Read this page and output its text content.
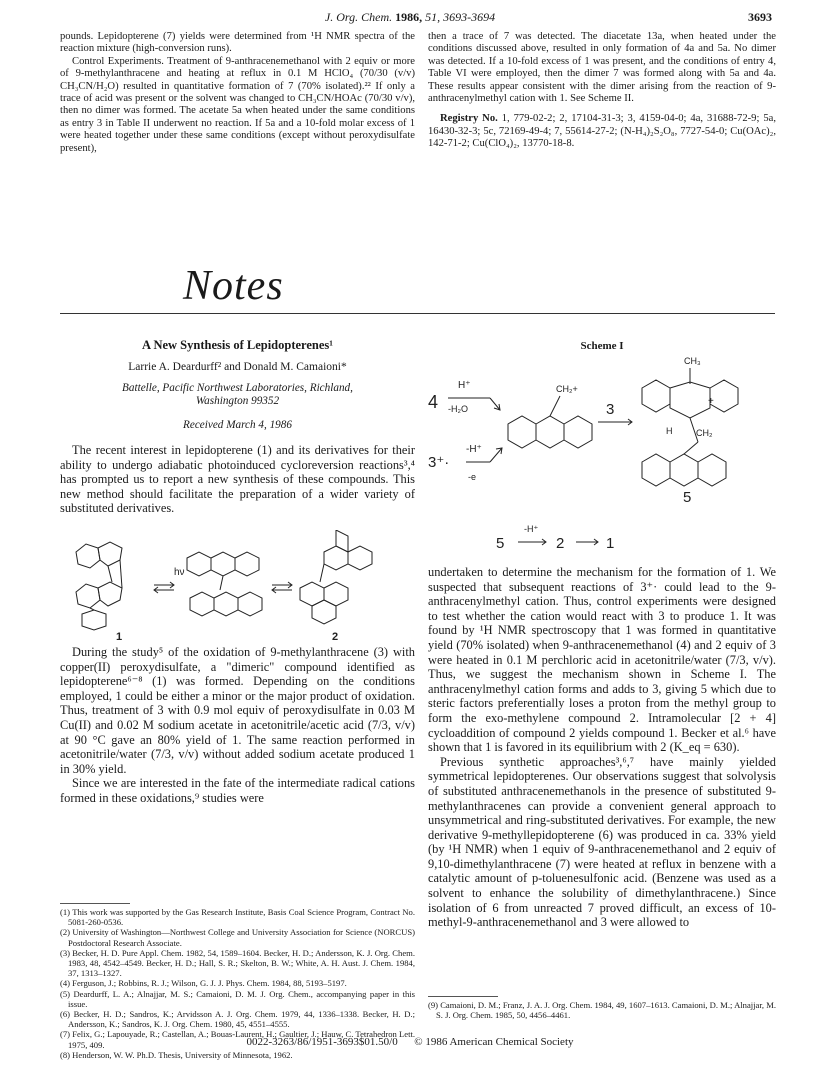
J. Org. Chem. 1986, 51, 3693-3694	3693

pounds. Lepidopterene (7) yields were determined from ¹H NMR spectra of the reaction mixture (high-conversion runs).

Control Experiments. Treatment of 9-anthracenemethanol with 2 equiv or more of 9-methylanthracene and heating at reflux in 0.1 M HClO₄ (70/30 (v/v) CH₃CN/H₂O) resulted in quantitative formation of 7 (70% isolated).²² If only a trace of acid was present or the solvent was changed to CH₃CN/HOAc (70/30 v/v), then no dimer was formed. The acetate 5a when heated under the same conditions as entry 3 in Table II underwent no reaction. If 5a and a 10-fold molar excess of 1 were heated together under these same conditions (except without peroxydisulfate present),

then a trace of 7 was detected. The diacetate 13a, when heated under the conditions discussed above, resulted in only formation of 4a and 5a. No dimer was detected. If a 10-fold excess of 1 was present, and the conditions of entry 4, Table VI were employed, then the dimer 7 was formed along with 5a and 4a. These results appear consistent with the dimer arising from the reaction of 9-anthracenylmethyl cation with 1. See Scheme II.

Registry No. 1, 779-02-2; 2, 17104-31-3; 3, 4159-04-0; 4a, 31688-72-9; 5a, 16430-32-3; 5c, 72169-49-4; 7, 55614-27-2; (N-H₄)₂S₂O₈, 7727-54-0; Cu(OAc)₂, 142-71-2; Cu(ClO₄)₂, 13770-18-8.

Notes
A New Synthesis of Lepidopterenes¹
Larrie A. Deardurff² and Donald M. Camaioni*
Battelle, Pacific Northwest Laboratories, Richland,
Washington 99352
Received March 4, 1986

The recent interest in lepidopterene (1) and its derivatives for their ability to undergo adiabatic photoinduced cycloreversion reactions³,⁴ has prompted us to report a new synthesis of these compounds. This new method should facilitate the preparation of a wider variety of substituted derivatives.

hν
1	2

During the study⁵ of the oxidation of 9-methylanthracene (3) with copper(II) peroxydisulfate, a "dimeric" compound identified as lepidopterene⁶⁻⁸ (1) was formed. Depending on the conditions employed, 1 could be either a minor or the major product of oxidation. Thus, treatment of 3 with 0.9 mol equiv of peroxydisulfate in 0.03 M Cu(II) and 0.02 M sodium acetate in acetonitrile/acetic acid (7/3, v/v) at 90 °C gave an 80% yield of 1. The same reaction performed in acetonitrile/water (7/3, v/v) without added sodium acetate produced 1 in 30% yield.

Since we are interested in the fate of the intermediate radical cations formed in these oxidations,⁹ studies were

(1) This work was supported by the Gas Research Institute, Basis Coal Science Program, Contract No. 5081-260-0536.

(2) University of Washington—Northwest College and University Association for Science (NORCUS) Postdoctoral Research Associate.

(3) Becker, H. D. Pure Appl. Chem. 1982, 54, 1589–1604. Becker, H. D.; Andersson, K. J. Org. Chem. 1983, 48, 4542–4549. Becker, H. D.; Hall, S. R.; Skelton, B. W.; White, A. H. Aust. J. Chem. 1984, 37, 1313–1327.

(4) Ferguson, J.; Robbins, R. J.; Wilson, G. J. J. Phys. Chem. 1984, 88, 5193–5197.

(5) Deardurff, L. A.; Alnajjar, M. S.; Camaioni, D. M. J. Org. Chem., accompanying paper in this issue.

(6) Becker, H. D.; Sandros, K.; Arvidsson A. J. Org. Chem. 1979, 44, 1336–1338. Becker, H. D.; Andersson, K.; Sandros, K. J. Org. Chem. 1980, 45, 4551–4555.

(7) Felix, G.; Lapouyade, R.; Castellan, A.; Bouas-Laurent, H.; Gaultier, J.; Hauw, C. Tetrahedron Lett. 1975, 409.

(8) Henderson, W. W. Ph.D. Thesis, University of Minnesota, 1962.

Scheme I
4
H⁺
-H₂O
3⁺·
-H⁺
-e
CH₂+
3
CH₃
+
H	CH₂
5
5
-H⁺
2	1

undertaken to determine the mechanism for the formation of 1. We suspected that subsequent reactions of 3⁺· could lead to the 9-anthracenylmethyl cation. Thus, control experiments were designed to test whether the cation would react with 3 to produce 1. It was found by ¹H NMR spectroscopy that 1 was formed in quantitative yield (70% isolated) when 9-anthracenemethanol (4) and 2 equiv of 3 were heated in 0.1 M perchloric acid in acetonitrile/water (7/3, v/v). Thus, we suggest the mechanism shown in Scheme I. The anthracenylmethyl cation forms and adds to 3, giving 5 which due to steric factors preferentially loses a proton from the methyl group to form the exo-methylene compound 2. Intramolecular [2 + 4] cycloaddition of compound 2 yields compound 1. Becker et al.⁶ have shown that 1 is favored in its equilibrium with 2 (K_eq = 630).

Previous synthetic approaches³,⁶,⁷ have mainly yielded symmetrical lepidopterenes. Our observations suggest that solvolysis of substituted anthracenemethanols in the presence of substituted 9-methylanthracenes can provide a convenient general approach to unsymmetrical and ring-substituted derivatives. For example, the new derivative 9-methyllepidopterene (6) was produced in ca. 33% yield (by ¹H NMR) when 1 equiv of 9-anthracenemethanol and 2 equiv of 9,10-dimethylanthracene (7) were heated at reflux in benzene with a catalytic amount of p-toluenesulfonic acid. (Benzene was used as a solvent to enhance the solubility of dimethylanthracene.) Since isolation of 6 from unreacted 7 proved difficult, an excess of 10-methyl-9-anthracenemethanol and 3 were allowed to

(9) Camaioni, D. M.; Franz, J. A. J. Org. Chem. 1984, 49, 1607–1613. Camaioni, D. M.; Alnajjar, M. S. J. Org. Chem. 1985, 50, 4456–4461.

0022-3263/86/1951-3693$01.50/0 © 1986 American Chemical Society
